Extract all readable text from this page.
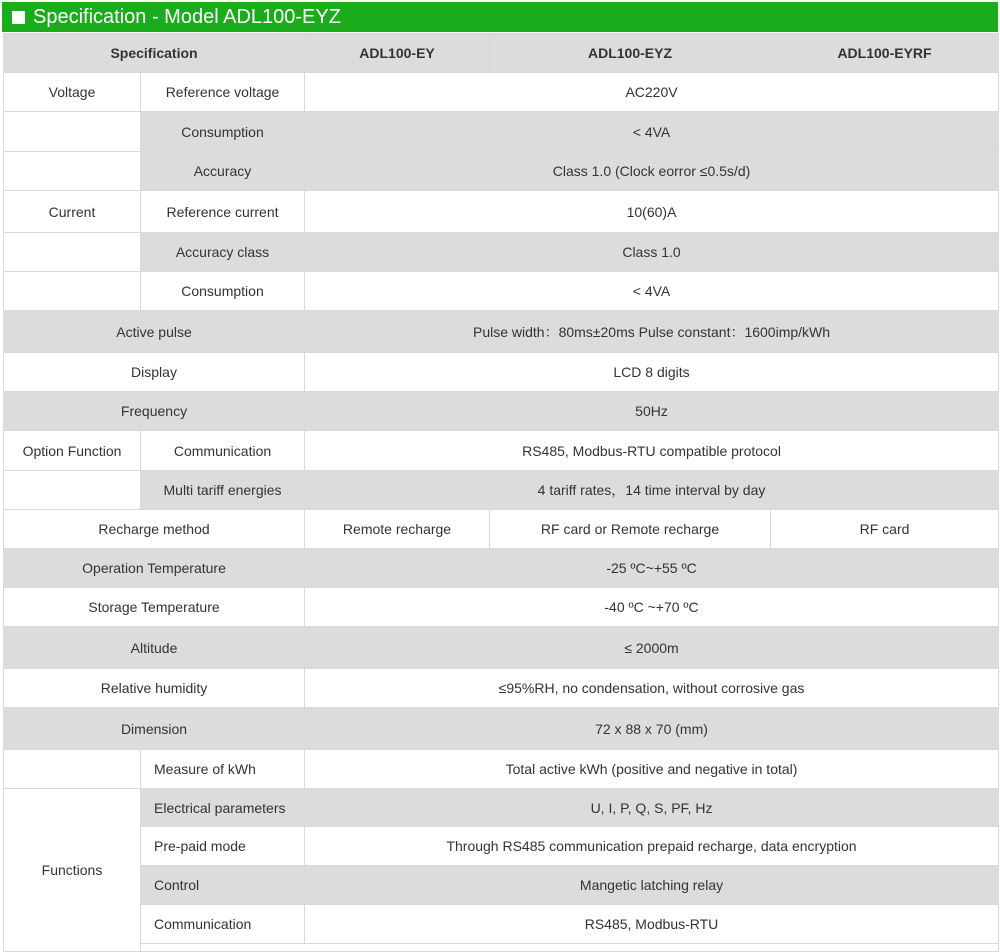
Specification - Model ADL100-EYZ
Specification		ADL100-EY	ADL100-EYZ	ADL100-EYRF
Voltage	Reference voltage	AC220V		
	Consumption	< 4VA		
	Accuracy	Class 1.0 (Clock eorror ≤0.5s/d)		
Current	Reference current	10(60)A		
	Accuracy class	Class 1.0		
	Consumption	< 4VA		
Active pulse		Pulse width：80ms±20ms Pulse constant：1600imp/kWh		
Display		LCD 8 digits		
Frequency		50Hz		
Option Function	Communication	RS485, Modbus-RTU compatible protocol		
	Multi tariff energies	4 tariff rates，14 time interval by day		
Recharge method		Remote recharge	RF card or Remote recharge	RF card
Operation Temperature		-25 ºC~+55 ºC		
Storage Temperature		-40 ºC ~+70 ºC		
Altitude		≤ 2000m		
Relative humidity		≤95%RH, no condensation, without corrosive gas		
Dimension		72 x 88 x 70 (mm)		
	Measure of kWh	Total active kWh (positive and negative in total)		
Functions	Electrical parameters	U, I, P, Q, S, PF, Hz		
	Pre-paid mode	Through RS485 communication prepaid recharge, data encryption		
	Control	Mangetic latching relay		
	Communication	RS485, Modbus-RTU		
